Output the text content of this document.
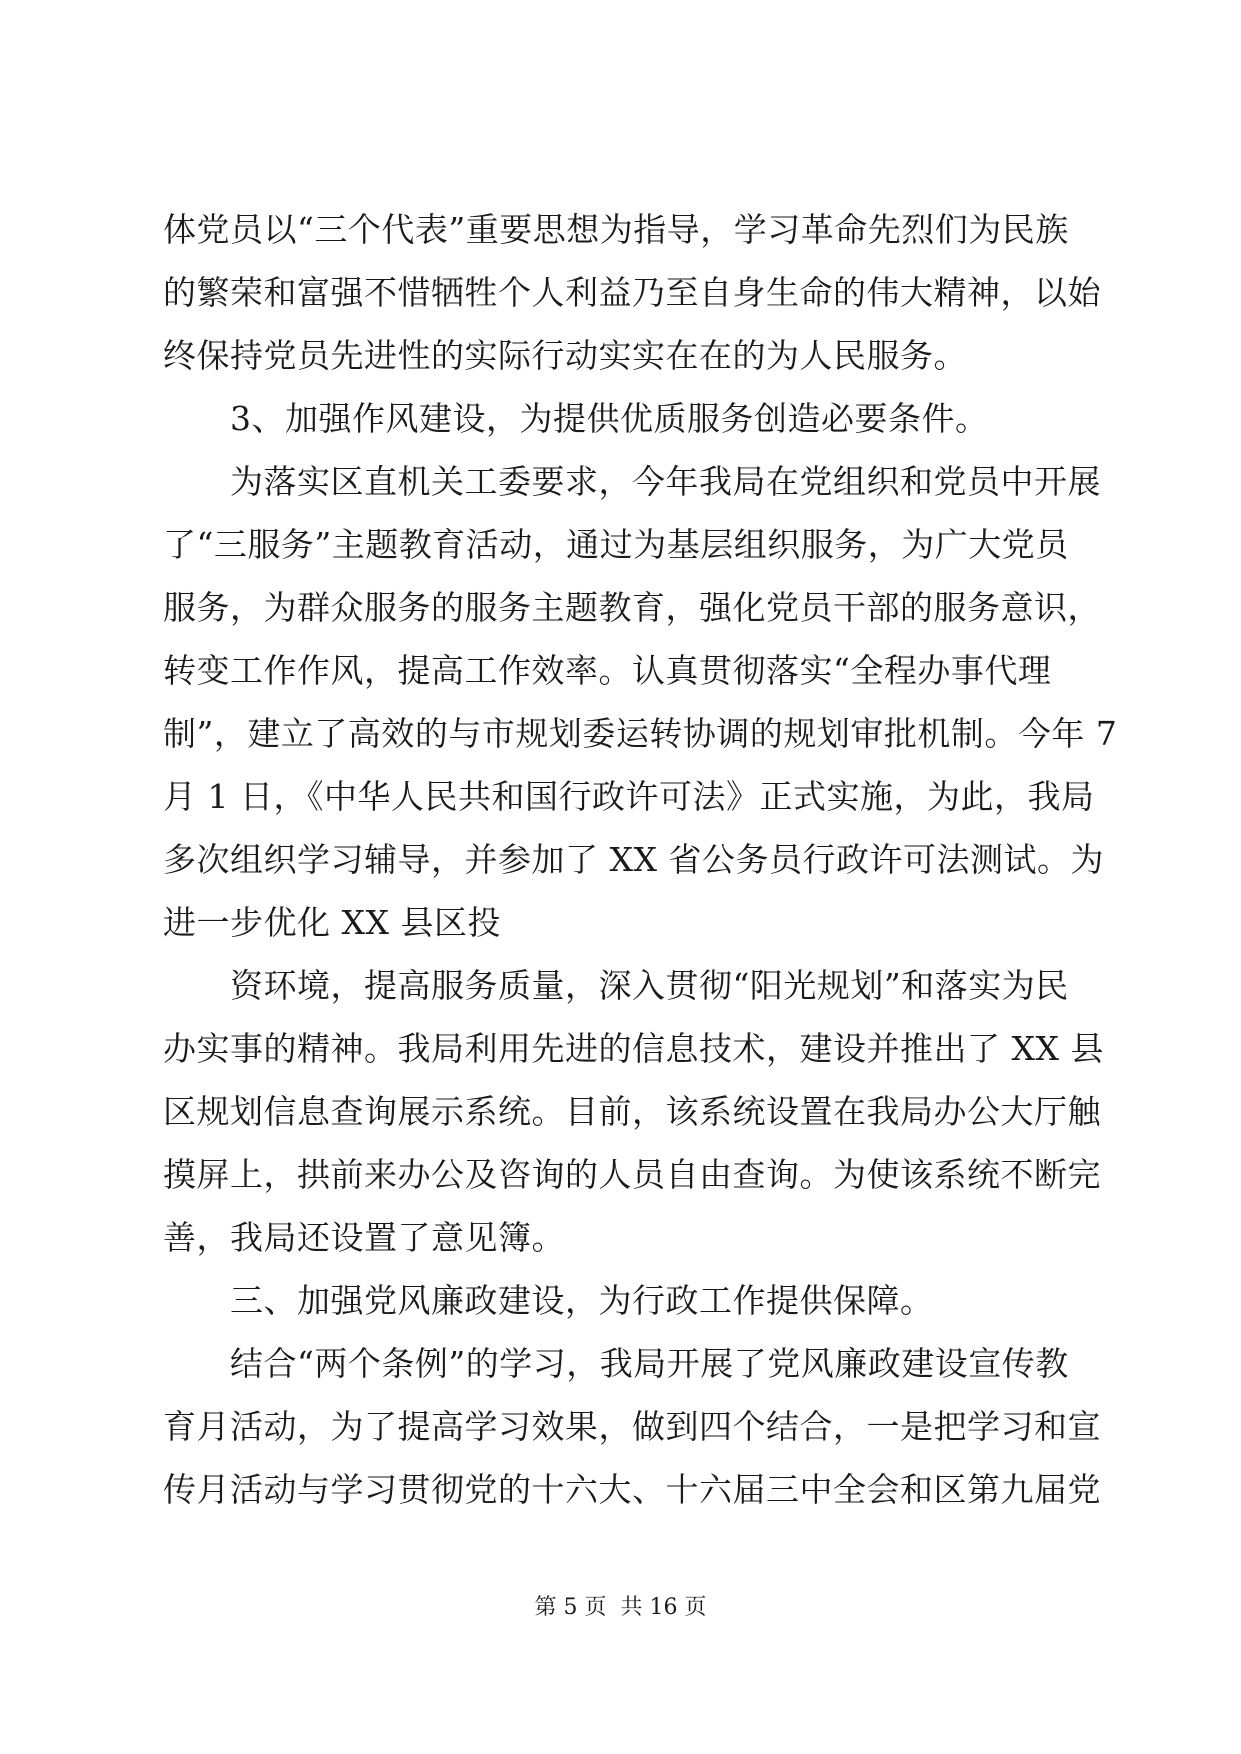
体党员以“三个代表”重要思想为指导，学习革命先烈们为民族
的繁荣和富强不惜牺牲个人利益乃至自身生命的伟大精神，以始
终保持党员先进性的实际行动实实在在的为人民服务。
3、加强作风建设，为提供优质服务创造必要条件。
为落实区直机关工委要求，今年我局在党组织和党员中开展
了“三服务”主题教育活动，通过为基层组织服务，为广大党员
服务，为群众服务的服务主题教育，强化党员干部的服务意识，
转变工作作风，提高工作效率。认真贯彻落实“全程办事代理
制”，建立了高效的与市规划委运转协调的规划审批机制。今年 7
月 1 日，《中华人民共和国行政许可法》正式实施，为此，我局
多次组织学习辅导，并参加了 XX 省公务员行政许可法测试。为
进一步优化 XX 县区投
资环境，提高服务质量，深入贯彻“阳光规划”和落实为民
办实事的精神。我局利用先进的信息技术，建设并推出了 XX 县
区规划信息查询展示系统。目前，该系统设置在我局办公大厅触
摸屏上，拱前来办公及咨询的人员自由查询。为使该系统不断完
善，我局还设置了意见簿。
三、加强党风廉政建设，为行政工作提供保障。
结合“两个条例”的学习，我局开展了党风廉政建设宣传教
育月活动，为了提高学习效果，做到四个结合，一是把学习和宣
传月活动与学习贯彻党的十六大、十六届三中全会和区第九届党
第 5 页  共 16 页
